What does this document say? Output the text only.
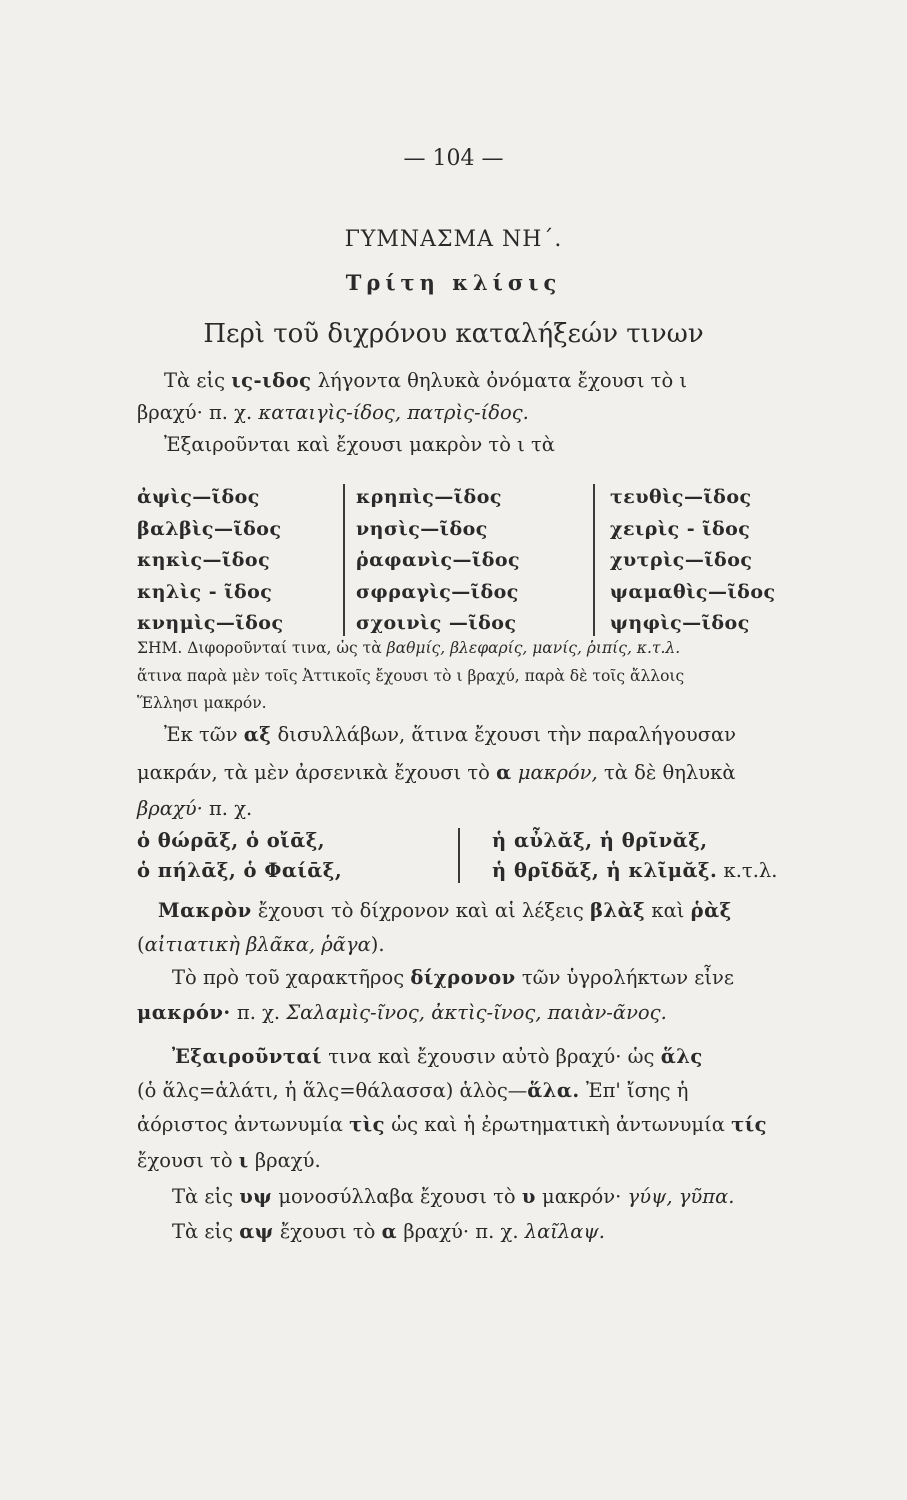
— 104 —
ΓΥΜΝΑΣΜΑ ΝΗ΄.
Τρίτη κλίσις
Περὶ τοῦ διχρόνου καταλήξεών τινων
Τὰ εἰς ις-ιδος λήγοντα θηλυκὰ ὀνόματα ἔχουσι τὸ ι
βραχύ· π. χ. καταιγὶς-ίδος, πατρὶς-ίδος.
Ἐξαιροῦνται καὶ ἔχουσι μακρὸν τὸ ι τὰ
ἀψὶς—ῖδος
βαλβὶς—ῖδος
κηκὶς—ῖδος
κηλὶς - ῖδος
κνημὶς—ῖδος
κρηπὶς—ῖδος
νησὶς—ῖδος
ῥαφανὶς—ῖδος
σφραγὶς—ῖδος
σχοινὶς —ῖδος
τευθὶς—ῖδος
χειρὶς - ῖδος
χυτρὶς—ῖδος
ψαμαθὶς—ῖδος
ψηφὶς—ῖδος
ΣΗΜ. Διφοροῦνταί τινα, ὡς τὰ βαθμίς, βλεφαρίς, μανίς, ῥιπίς, κ.τ.λ.
ἅτινα παρὰ μὲν τοῖς Ἀττικοῖς ἔχουσι τὸ ι βραχύ, παρὰ δὲ τοῖς ἄλλοις
Ἕλλησι μακρόν.
Ἐκ τῶν αξ δισυλλάβων, ἅτινα ἔχουσι τὴν παραλήγουσαν
μακράν, τὰ μὲν ἀρσενικὰ ἔχουσι τὸ α μακρόν, τὰ δὲ θηλυκὰ
βραχύ· π. χ.
ὁ θώρᾱξ, ὁ οἴᾱξ,	ἡ αὖλᾰξ, ἡ θρῖνᾰξ,
ὁ πήλᾱξ, ὁ Φαίᾱξ,	ἡ θρῖδᾰξ, ἡ κλῖμᾰξ. κ.τ.λ.
Μακρὸν ἔχουσι τὸ δίχρονον καὶ αἱ λέξεις βλὰξ καὶ ῥὰξ
(αἰτιατικὴ βλᾶκα, ῥᾶγα).
Τὸ πρὸ τοῦ χαρακτῆρος δίχρονον τῶν ὑγρολήκτων εἶνε
μακρόν· π. χ. Σαλαμὶς-ῖνος, ἀκτὶς-ῖνος, παιὰν-ᾶνος.
Ἐξαιροῦνταί τινα καὶ ἔχουσιν αὐτὸ βραχύ· ὡς ἅλς
(ὁ ἅλς=ἁλάτι, ἡ ἅλς=θάλασσα) ἁλὸς—ἅλα. Ἐπ' ἴσης ἡ
ἀόριστος ἀντωνυμία τὶς ὡς καὶ ἡ ἐρωτηματικὴ ἀντωνυμία τίς
ἔχουσι τὸ ι βραχύ.
Τὰ εἰς υψ μονοσύλλαβα ἔχουσι τὸ υ μακρόν· γύψ, γῦπα.
Τὰ εἰς αψ ἔχουσι τὸ α βραχύ· π. χ. λαῖλαψ.
